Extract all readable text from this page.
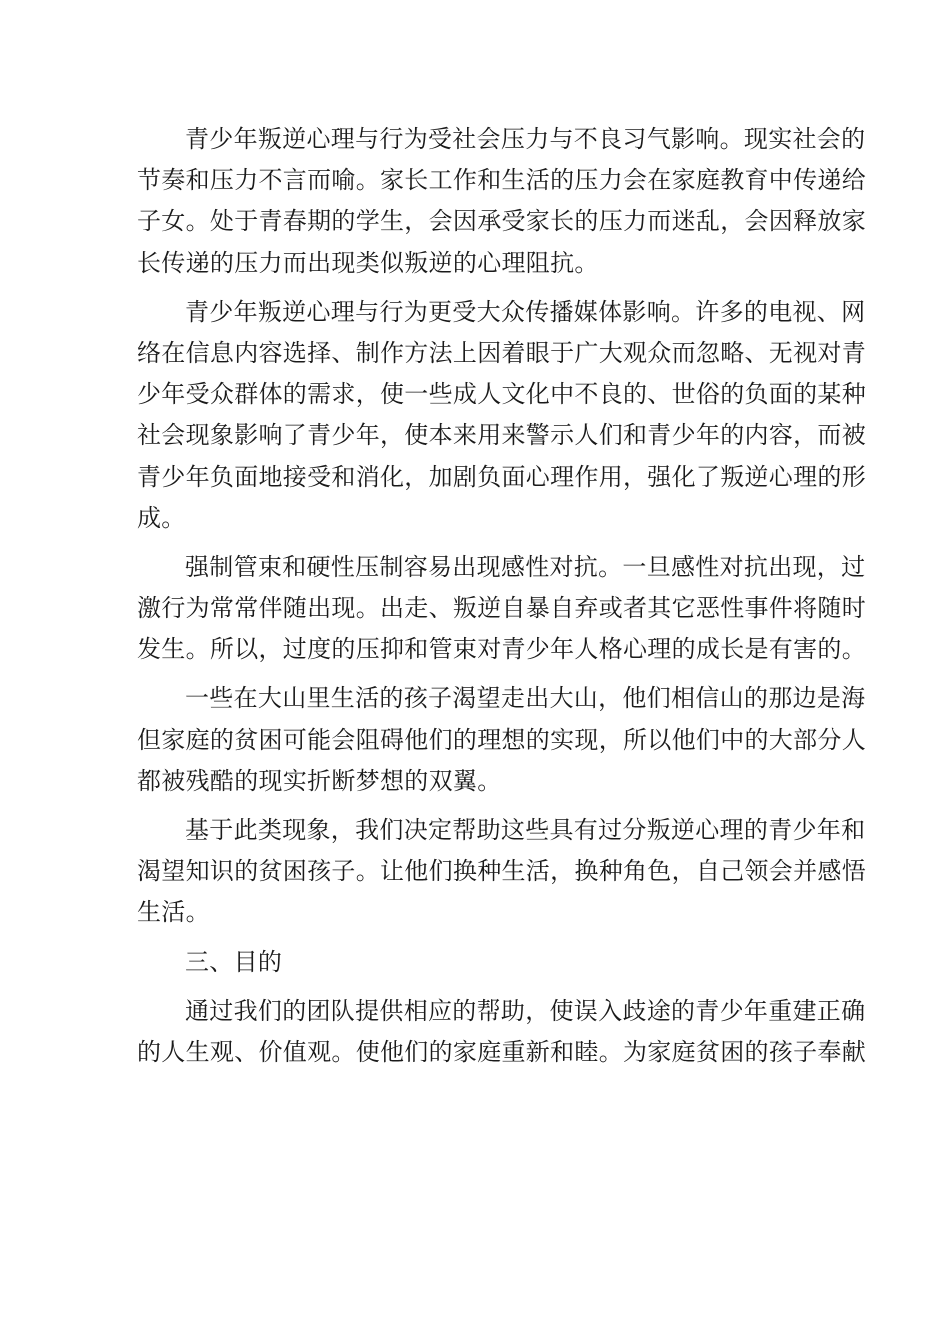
青少年叛逆心理与行为受社会压力与不良习气影响。现实社会的
节奏和压力不言而喻。家长工作和生活的压力会在家庭教育中传递给
子女。处于青春期的学生，会因承受家长的压力而迷乱，会因释放家
长传递的压力而出现类似叛逆的心理阻抗。
青少年叛逆心理与行为更受大众传播媒体影响。许多的电视、网
络在信息内容选择、制作方法上因着眼于广大观众而忽略、无视对青
少年受众群体的需求，使一些成人文化中不良的、世俗的负面的某种
社会现象影响了青少年，使本来用来警示人们和青少年的内容，而被
青少年负面地接受和消化，加剧负面心理作用，强化了叛逆心理的形
成。
强制管束和硬性压制容易出现感性对抗。一旦感性对抗出现，过
激行为常常伴随出现。出走、叛逆自暴自弃或者其它恶性事件将随时
发生。所以，过度的压抑和管束对青少年人格心理的成长是有害的。
一些在大山里生活的孩子渴望走出大山，他们相信山的那边是海
但家庭的贫困可能会阻碍他们的理想的实现，所以他们中的大部分人
都被残酷的现实折断梦想的双翼。
基于此类现象，我们决定帮助这些具有过分叛逆心理的青少年和
渴望知识的贫困孩子。让他们换种生活，换种角色，自己领会并感悟
生活。
三、目的
通过我们的团队提供相应的帮助，使误入歧途的青少年重建正确
的人生观、价值观。使他们的家庭重新和睦。为家庭贫困的孩子奉献
